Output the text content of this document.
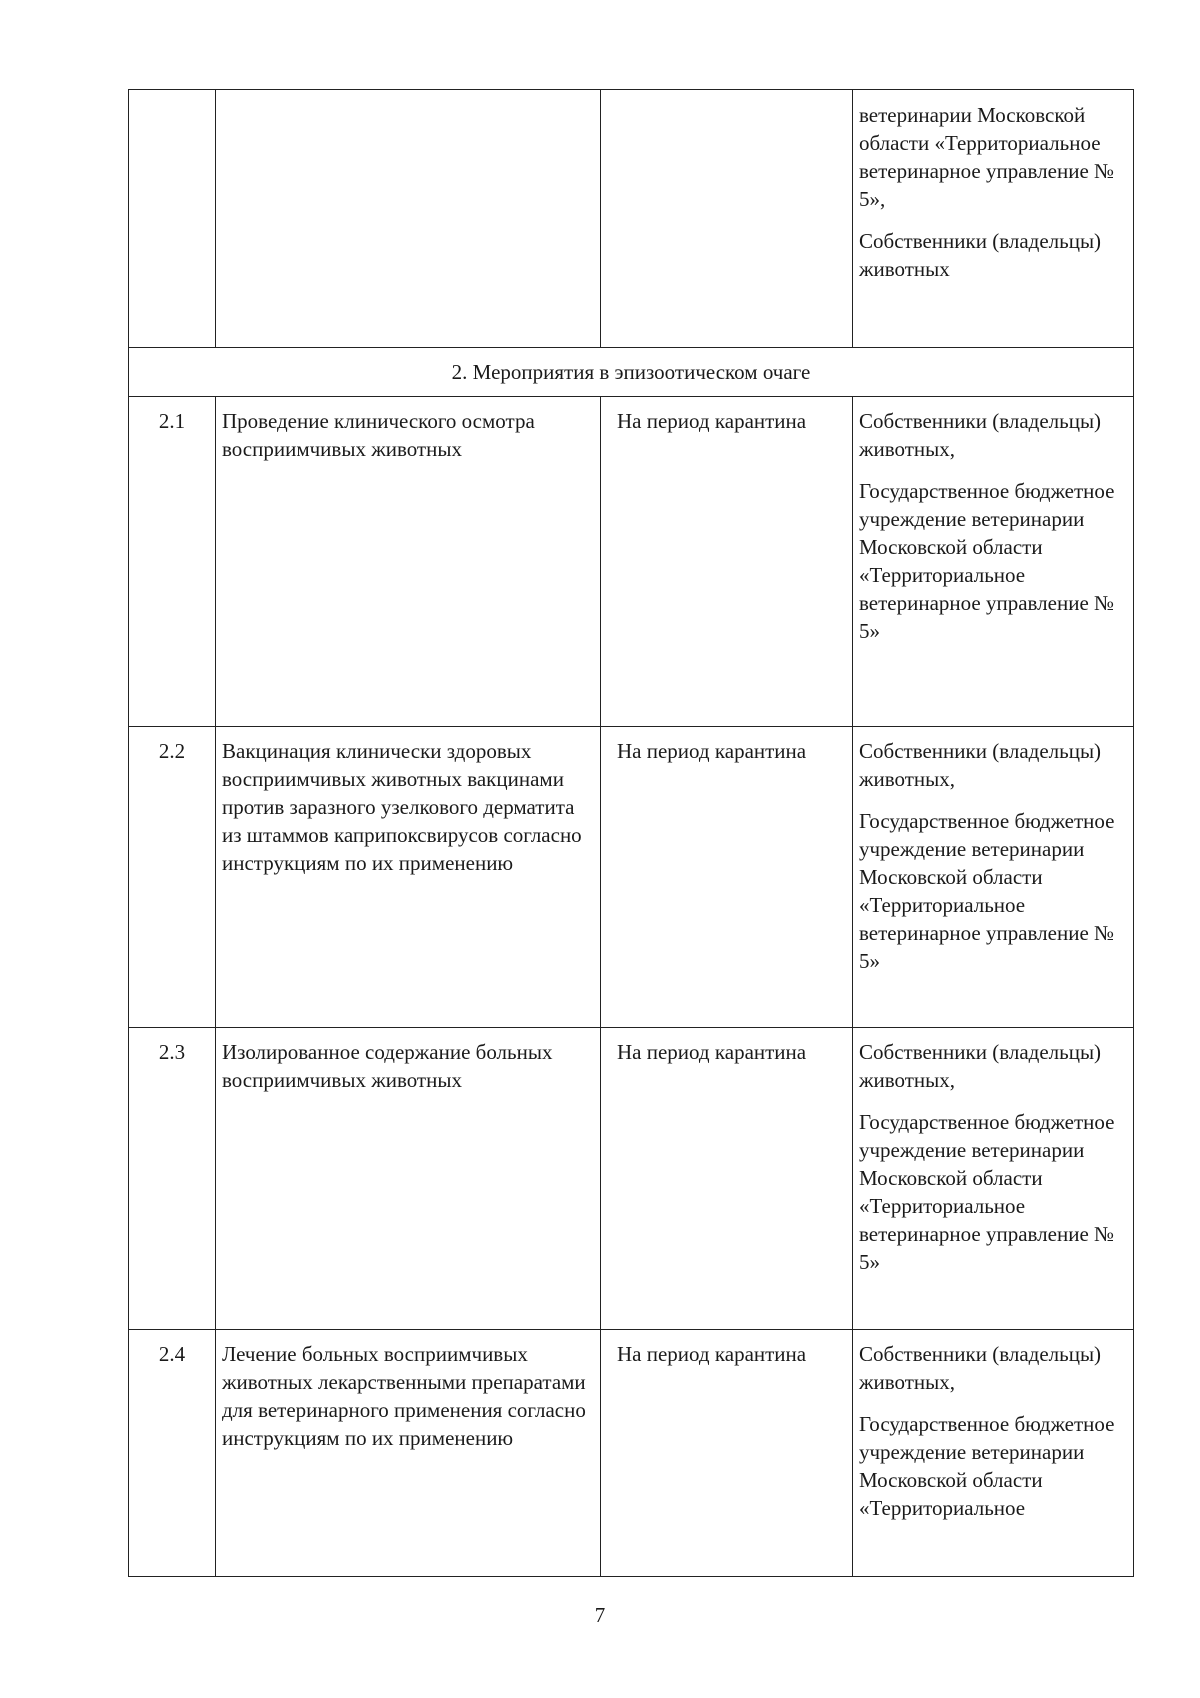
			ветеринарии Московской области «Территориальное ветеринарное управление № 5»,
Собственники (владельцы) животных

2. Мероприятия в эпизоотическом очаге			
2.1	Проведение клинического осмотра восприимчивых животных	На период карантина	Собственники (владельцы) животных,
Государственное бюджетное учреждение ветеринарии Московской области «Территориальное ветеринарное управление № 5»

2.2	Вакцинация клинически здоровых восприимчивых животных вакцинами против заразного узелкового дерматита из штаммов каприпоксвирусов согласно инструкциям по их применению	На период карантина	Собственники (владельцы) животных,
Государственное бюджетное учреждение ветеринарии Московской области «Территориальное ветеринарное управление № 5»

2.3	Изолированное содержание больных восприимчивых животных	На период карантина	Собственники (владельцы) животных,
Государственное бюджетное учреждение ветеринарии Московской области «Территориальное ветеринарное управление № 5»

2.4	Лечение больных восприимчивых животных лекарственными препаратами для ветеринарного применения согласно инструкциям по их применению	На период карантина	Собственники (владельцы) животных,
Государственное бюджетное учреждение ветеринарии Московской области «Территориальное
7
